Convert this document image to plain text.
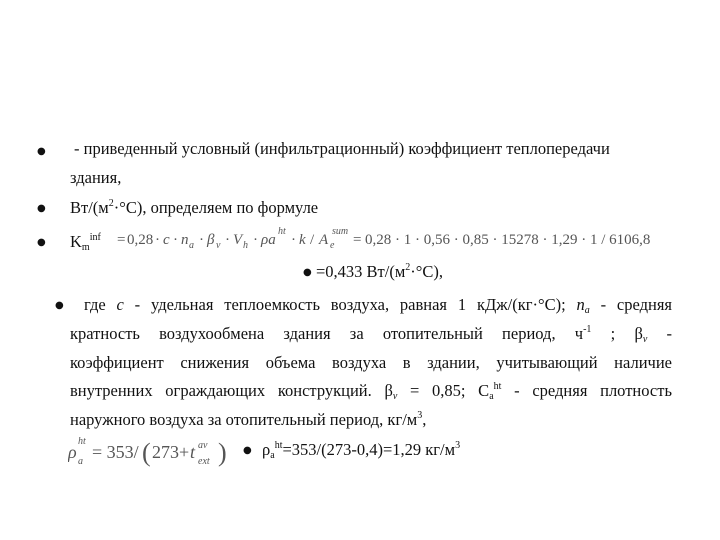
●
●
●
●
●
●
- приведенный условный (инфильтрационный) коэффициент теплопередачи
здания,
$Вт/(м^2\cdot^\circ С)$, определяем по формуле
$K_m^{inf} = 0,28 \cdot c \cdot n$ a · β v · V h · ρa
ht
· k / A e
sum
= 0,28 · 1 · 0,56 · 0,85 · 15278 · 1,29 · 1 / 6106,8
=0,433 $Вт/(м^2\cdot^\circ С)$,
где с - удельная теплоемкость воздуха, равная 1 кДж/(кг·°С); $n_a$ - средняя
кратность воздухообмена здания за отопительный период, $ч^{-1}$ ; $\beta_v$ -
коэффициент снижения объема воздуха в здании, учитывающий наличие
внутренних ограждающих конструкций. $\beta_v = 0,85$; $С_a^{ht}$ - средняя плотность
наружного воздуха за отопительный период, $кг/м^3$,
ρ
ht
a = 353/ ( 273+ t av
ext ) $\rho_a^{ht}=353/(273-0,4)=1,29$ $кг/м^3$
